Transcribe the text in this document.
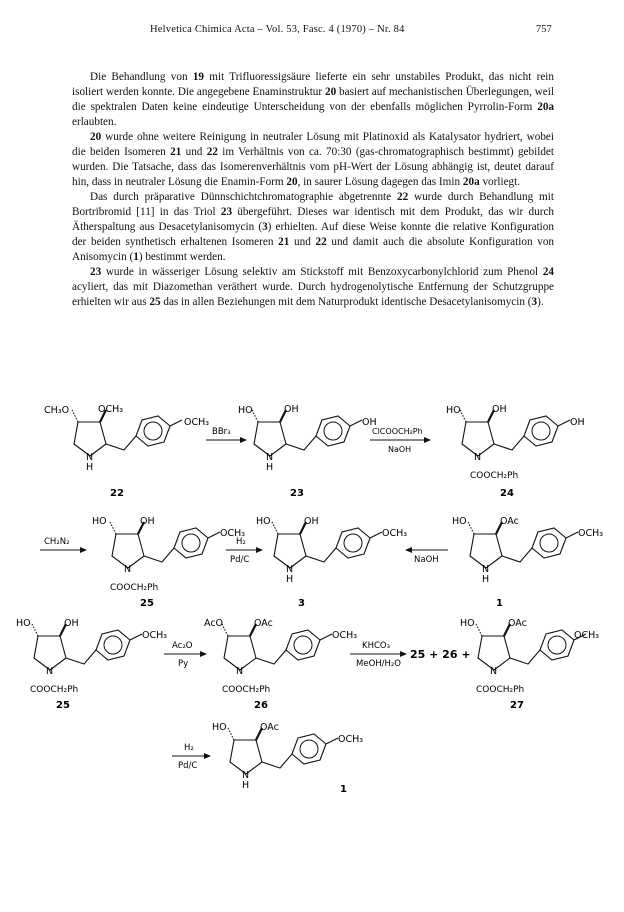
Helvetica Chimica Acta – Vol. 53, Fasc. 4 (1970) – Nr. 84	757

Die Behandlung von 19 mit Trifluoressigsäure lieferte ein sehr unstabiles Produkt, das nicht rein isoliert werden konnte. Die angegebene Enaminstruktur 20 basiert auf mechanistischen Überlegungen, weil die spektralen Daten keine eindeutige Unterscheidung von der ebenfalls möglichen Pyrrolin-Form 20a erlaubten.

20 wurde ohne weitere Reinigung in neutraler Lösung mit Platinoxid als Katalysator hydriert, wobei die beiden Isomeren 21 und 22 im Verhältnis von ca. 70:30 (gas-chromatographisch bestimmt) gebildet wurden. Die Tatsache, dass das Isomerenverhältnis vom pH-Wert der Lösung abhängig ist, deutet darauf hin, dass in neutraler Lösung die Enamin-Form 20, in saurer Lösung dagegen das Imin 20a vorliegt.

Das durch präparative Dünnschichtchromatographie abgetrennte 22 wurde durch Behandlung mit Bortribromid [11] in das Triol 23 übergeführt. Dieses war identisch mit dem Produkt, das wir durch Ätherspaltung aus Desacetylanisomycin (3) erhielten. Auf diese Weise konnte die relative Konfiguration der beiden synthetisch erhaltenen Isomeren 21 und 22 und damit auch die absolute Konfiguration von Anisomycin (1) bestimmt werden.

23 wurde in wässeriger Lösung selektiv am Stickstoff mit Benzoxycarbonylchlorid zum Phenol 24 acyliert, das mit Diazomethan veräthert wurde. Durch hydrogenolytische Entfernung der Schutzgruppe erhielten wir aus 25 das in allen Beziehungen mit dem Naturprodukt identische Desacetylanisomycin (3).

CH₃O	OCH₃
OCH₃
N
H
BBr₃
HO	OH
OH
N
H
ClCOOCH₂Ph
NaOH
HO	OH
OH
N
COOCH₂Ph
22	23	24
CH₂N₂
HO	OH
OCH₃
N
COOCH₂Ph
H₂
Pd/C
HO	OH
OCH₃
N
H
NaOH
HO	OAc
OCH₃
N
H
25	3	1
HO	OH
OCH₃
N
COOCH₂Ph
Ac₂O
Py
AcO	OAc
OCH₃
N
COOCH₂Ph
KHCO₃
MeOH/H₂O
25 + 26 +
HO	OAc
OCH₃
N
COOCH₂Ph
25	26	27
H₂
Pd/C
HO	OAc
OCH₃
N
H	1
